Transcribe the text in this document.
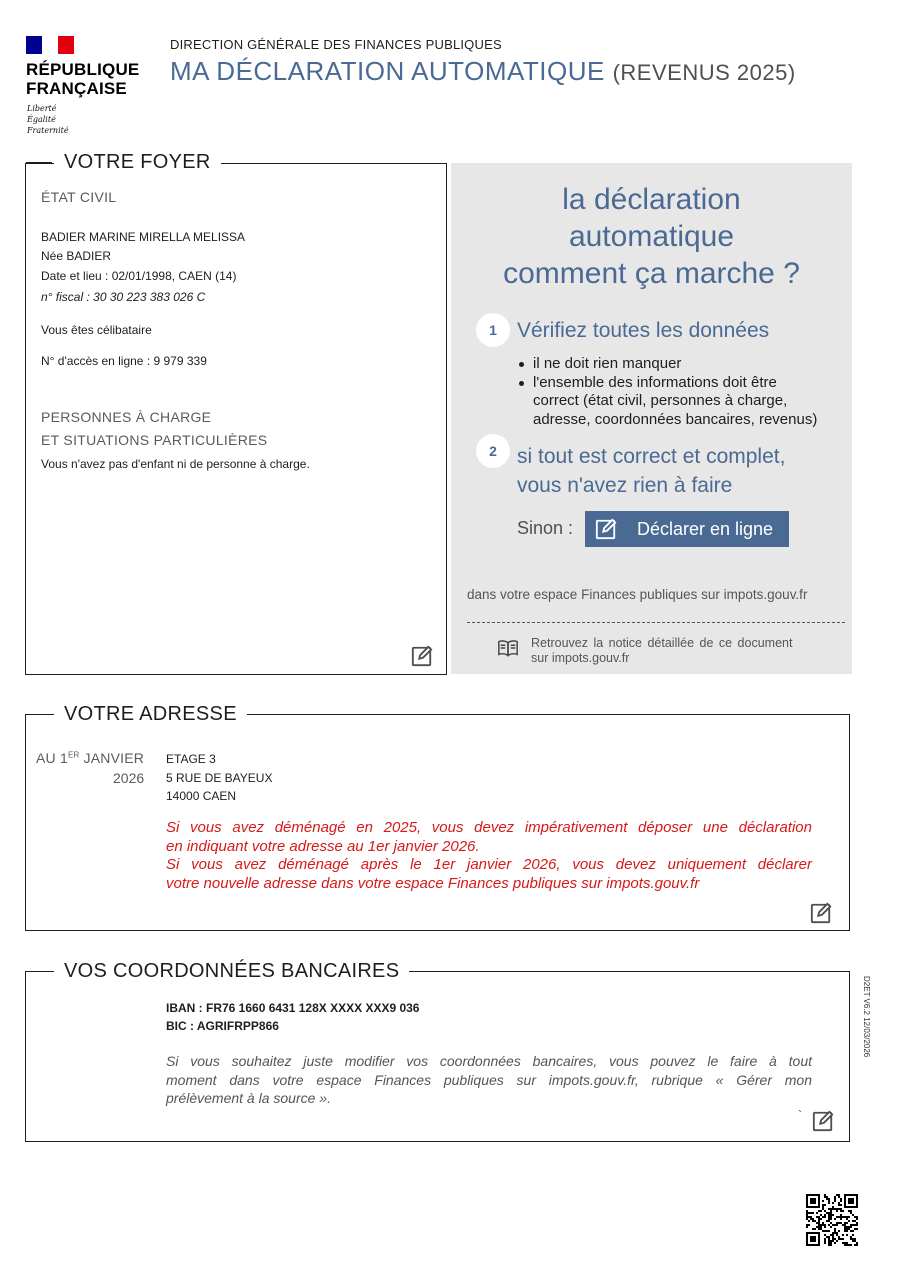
RÉPUBLIQUE
FRANÇAISE
Liberté
Égalité
Fraternité
DIRECTION GÉNÉRALE DES FINANCES PUBLIQUES
MA DÉCLARATION AUTOMATIQUE (REVENUS 2025)
VOTRE FOYER
ÉTAT CIVIL
BADIER MARINE MIRELLA MELISSA
Née BADIER
Date et lieu : 02/01/1998, CAEN (14)
n° fiscal : 30 30 223 383 026 C
Vous êtes célibataire
N° d'accès en ligne : 9 979 339
PERSONNES À CHARGE
ET SITUATIONS PARTICULIÈRES
Vous n'avez pas d'enfant ni de personne à charge.
la déclaration
automatique
comment ça marche ?
1 Vérifiez toutes les données
il ne doit rien manquer
l'ensemble des informations doit être
correct (état civil, personnes à charge,
adresse, coordonnées bancaires, revenus)
2 si tout est correct et complet,
vous n'avez rien à faire
Sinon :	Déclarer en ligne
dans votre espace Finances publiques sur impots.gouv.fr
Retrouvez la notice détaillée de ce document
sur impots.gouv.fr
VOTRE ADRESSE
AU 1ER JANVIER
2026
ETAGE 3
5 RUE DE BAYEUX
14000 CAEN
Si vous avez déménagé en 2025, vous devez impérativement déposer une déclaration
en indiquant votre adresse au 1er janvier 2026.
Si vous avez déménagé après le 1er janvier 2026, vous devez uniquement déclarer
votre nouvelle adresse dans votre espace Finances publiques sur impots.gouv.fr
VOS COORDONNÉES BANCAIRES
IBAN : FR76 1660 6431 128X XXXX XXX9 036
BIC : AGRIFRPP866
Si vous souhaitez juste modifier vos coordonnées bancaires, vous pouvez le faire à tout
moment dans votre espace Finances publiques sur impots.gouv.fr, rubrique « Gérer mon
prélèvement à la source ».
`
D2ET V6.2 12/03/2026
